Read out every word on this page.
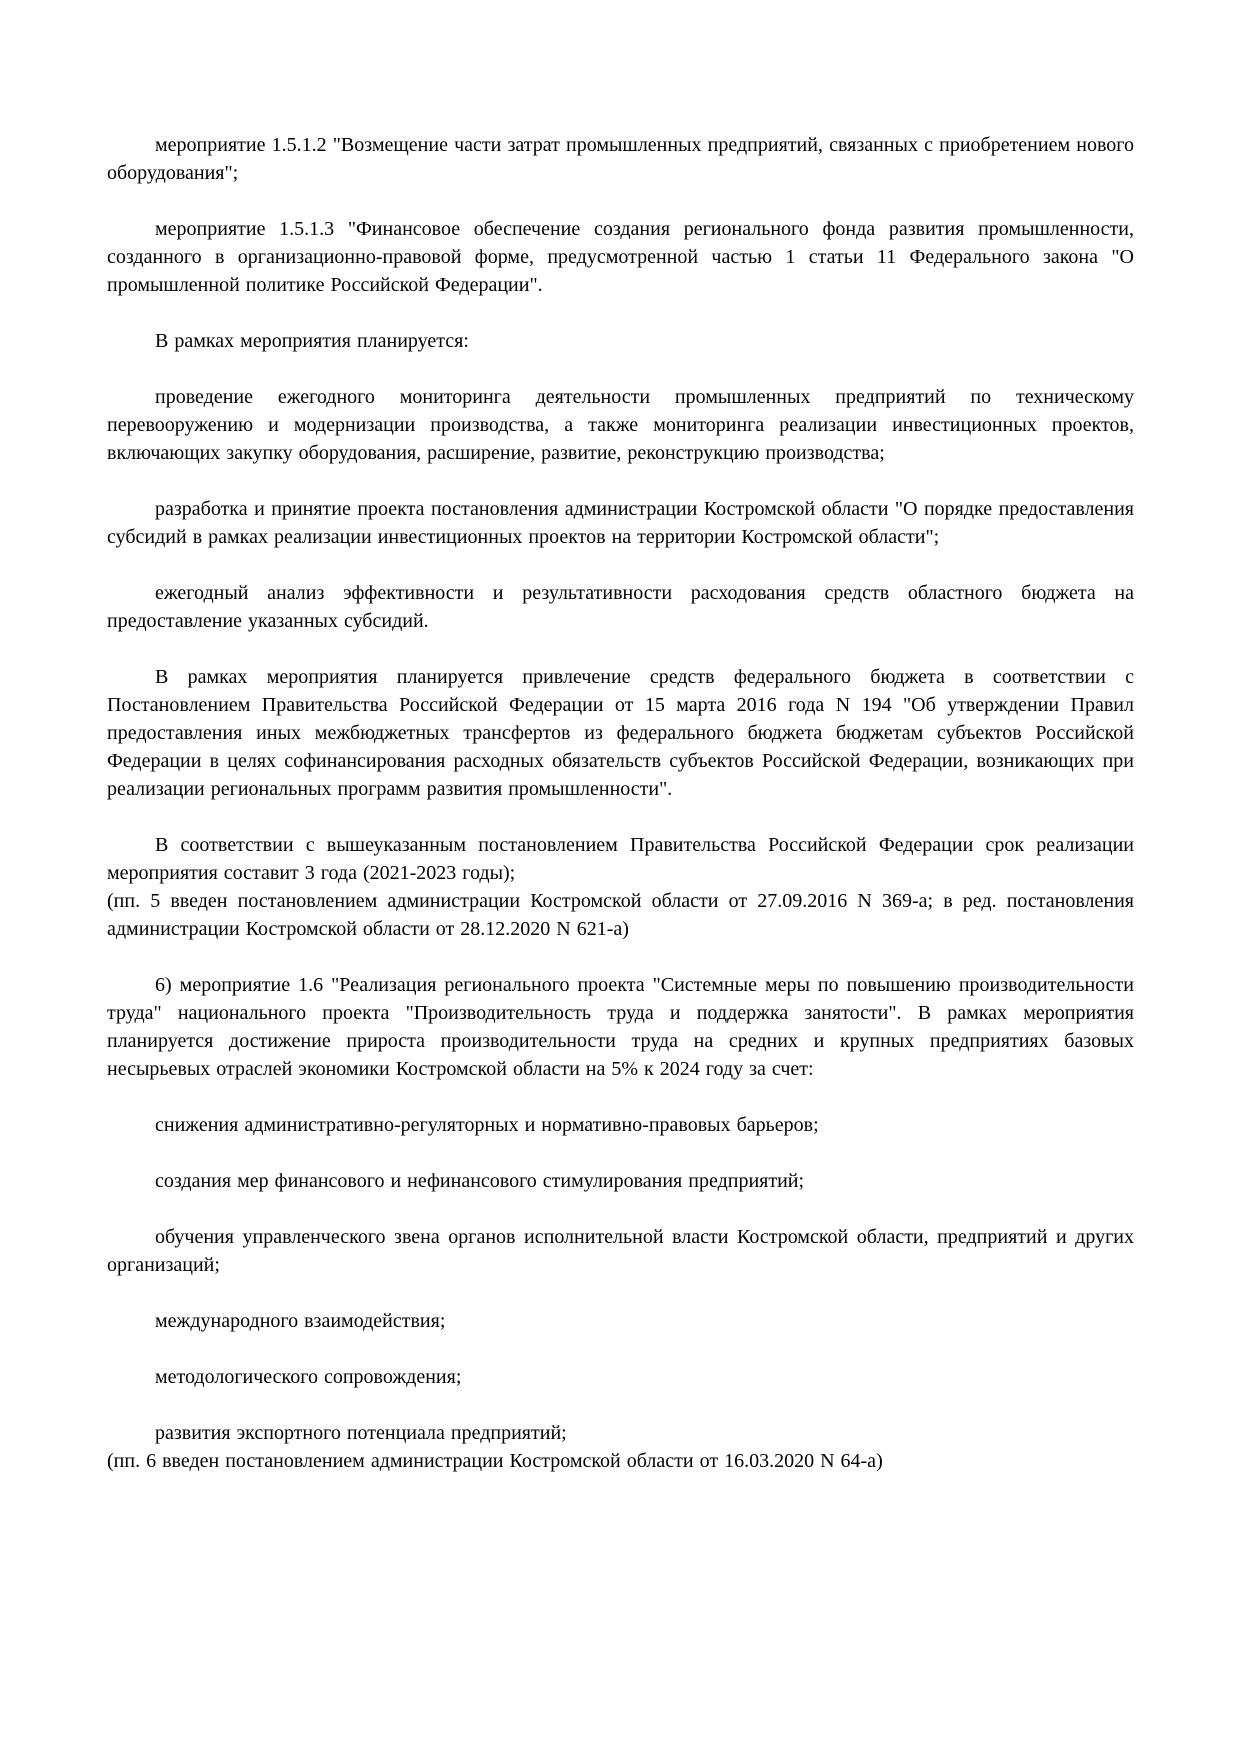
мероприятие 1.5.1.2 "Возмещение части затрат промышленных предприятий, связанных с приобретением нового оборудования";

мероприятие 1.5.1.3 "Финансовое обеспечение создания регионального фонда развития промышленности, созданного в организационно-правовой форме, предусмотренной частью 1 статьи 11 Федерального закона "О промышленной политике Российской Федерации".

В рамках мероприятия планируется:

проведение ежегодного мониторинга деятельности промышленных предприятий по техническому перевооружению и модернизации производства, а также мониторинга реализации инвестиционных проектов, включающих закупку оборудования, расширение, развитие, реконструкцию производства;

разработка и принятие проекта постановления администрации Костромской области "О порядке предоставления субсидий в рамках реализации инвестиционных проектов на территории Костромской области";

ежегодный анализ эффективности и результативности расходования средств областного бюджета на предоставление указанных субсидий.

В рамках мероприятия планируется привлечение средств федерального бюджета в соответствии с Постановлением Правительства Российской Федерации от 15 марта 2016 года N 194 "Об утверждении Правил предоставления иных межбюджетных трансфертов из федерального бюджета бюджетам субъектов Российской Федерации в целях софинансирования расходных обязательств субъектов Российской Федерации, возникающих при реализации региональных программ развития промышленности".

В соответствии с вышеуказанным постановлением Правительства Российской Федерации срок реализации мероприятия составит 3 года (2021-2023 годы);

(пп. 5 введен постановлением администрации Костромской области от 27.09.2016 N 369-а; в ред. постановления администрации Костромской области от 28.12.2020 N 621-а)

6) мероприятие 1.6 "Реализация регионального проекта "Системные меры по повышению производительности труда" национального проекта "Производительность труда и поддержка занятости". В рамках мероприятия планируется достижение прироста производительности труда на средних и крупных предприятиях базовых несырьевых отраслей экономики Костромской области на 5% к 2024 году за счет:

снижения административно-регуляторных и нормативно-правовых барьеров;

создания мер финансового и нефинансового стимулирования предприятий;

обучения управленческого звена органов исполнительной власти Костромской области, предприятий и других организаций;

международного взаимодействия;

методологического сопровождения;

развития экспортного потенциала предприятий;

(пп. 6 введен постановлением администрации Костромской области от 16.03.2020 N 64-а)
